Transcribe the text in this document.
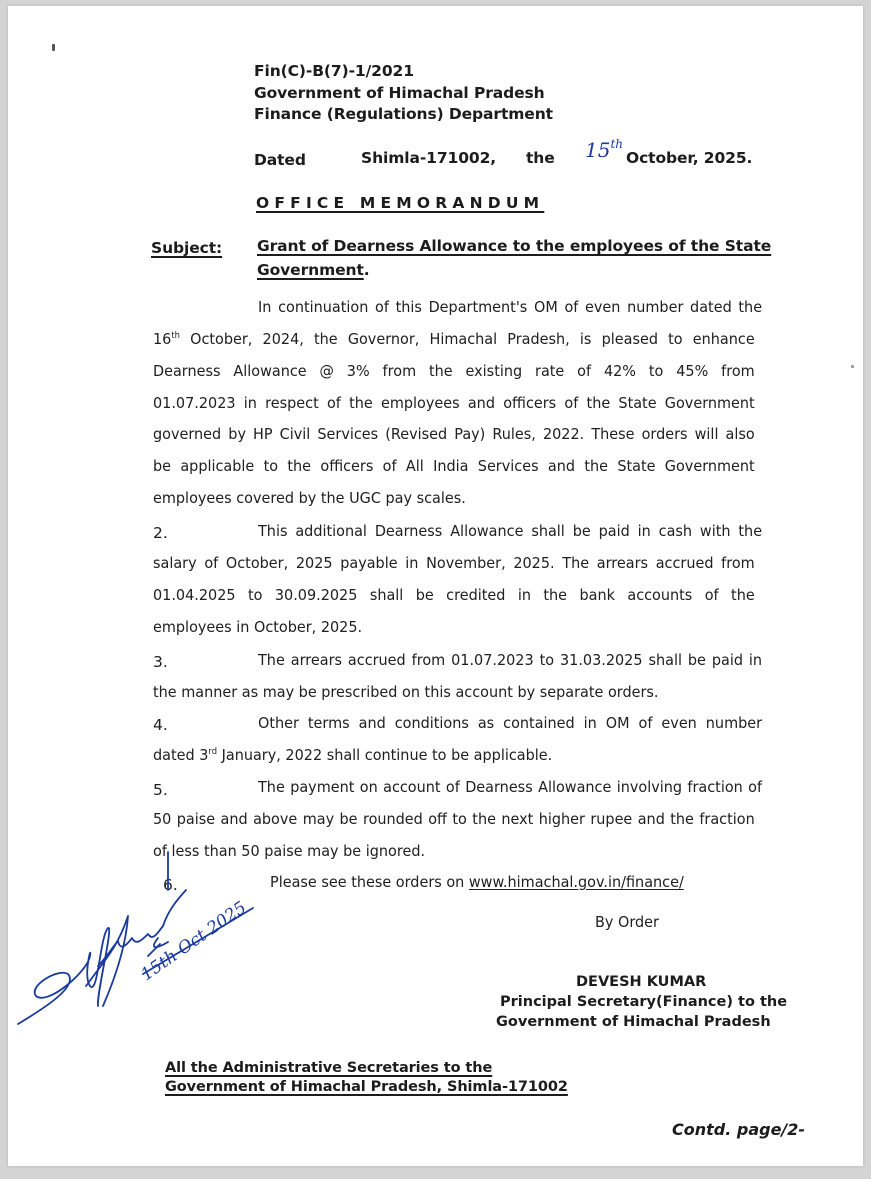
Fin(C)-B(7)-1/2021
Government of Himachal Pradesh
Finance (Regulations) Department
Dated	Shimla-171002, the 15th
October, 2025.
OFFICE MEMORANDUM
Subject: Grant of Dearness Allowance to the employees of the State
Government.
In continuation of this Department's OM of even number dated the
16th October, 2024, the Governor, Himachal Pradesh, is pleased to enhance
Dearness Allowance @ 3% from the existing rate of 42% to 45% from
01.07.2023 in respect of the employees and officers of the State Government
governed by HP Civil Services (Revised Pay) Rules, 2022. These orders will also
be applicable to the officers of All India Services and the State Government
employees covered by the UGC pay scales.
2.	This additional Dearness Allowance shall be paid in cash with the
salary of October, 2025 payable in November, 2025. The arrears accrued from
01.04.2025 to 30.09.2025 shall be credited in the bank accounts of the
employees in October, 2025.
3.	The arrears accrued from 01.07.2023 to 31.03.2025 shall be paid in
the manner as may be prescribed on this account by separate orders.
4.	Other terms and conditions as contained in OM of even number
dated 3rd January, 2022 shall continue to be applicable.
5.	The payment on account of Dearness Allowance involving fraction of
50 paise and above may be rounded off to the next higher rupee and the fraction
of less than 50 paise may be ignored.
6.	Please see these orders on www.himachal.gov.in/finance/
By Order
DEVESH KUMAR
Principal Secretary(Finance) to the
Government of Himachal Pradesh
All the Administrative Secretaries to the
Government of Himachal Pradesh, Shimla-171002
Contd. page/2-
15th Oct 2025
